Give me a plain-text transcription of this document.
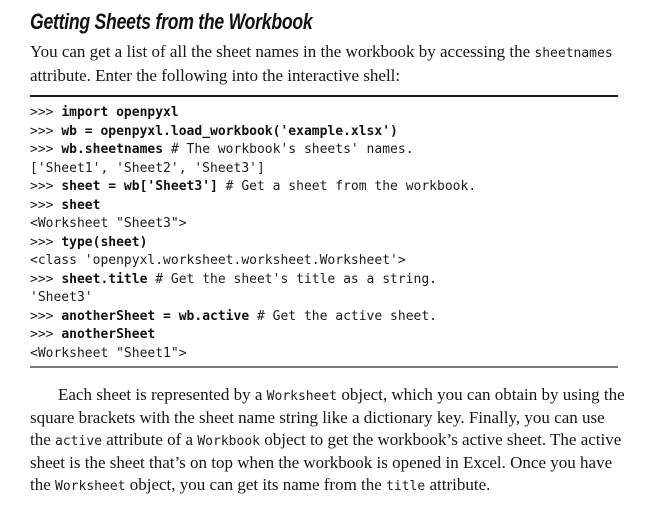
Getting Sheets from the Workbook

You can get a list of all the sheet names in the workbook by accessing the sheetnames attribute. Enter the following into the interactive shell:

>>> import openpyxl
>>> wb = openpyxl.load_workbook('example.xlsx')
>>> wb.sheetnames # The workbook's sheets' names.
['Sheet1', 'Sheet2', 'Sheet3']
>>> sheet = wb['Sheet3'] # Get a sheet from the workbook.
>>> sheet
<Worksheet "Sheet3">
>>> type(sheet)
<class 'openpyxl.worksheet.worksheet.Worksheet'>
>>> sheet.title # Get the sheet's title as a string.
'Sheet3'
>>> anotherSheet = wb.active # Get the active sheet.
>>> anotherSheet
<Worksheet "Sheet1">

Each sheet is represented by a Worksheet object, which you can obtain by using the square brackets with the sheet name string like a dictionary key. Finally, you can use the active attribute of a Workbook object to get the workbook’s active sheet. The active sheet is the sheet that’s on top when the workbook is opened in Excel. Once you have the Worksheet object, you can get its name from the title attribute.
